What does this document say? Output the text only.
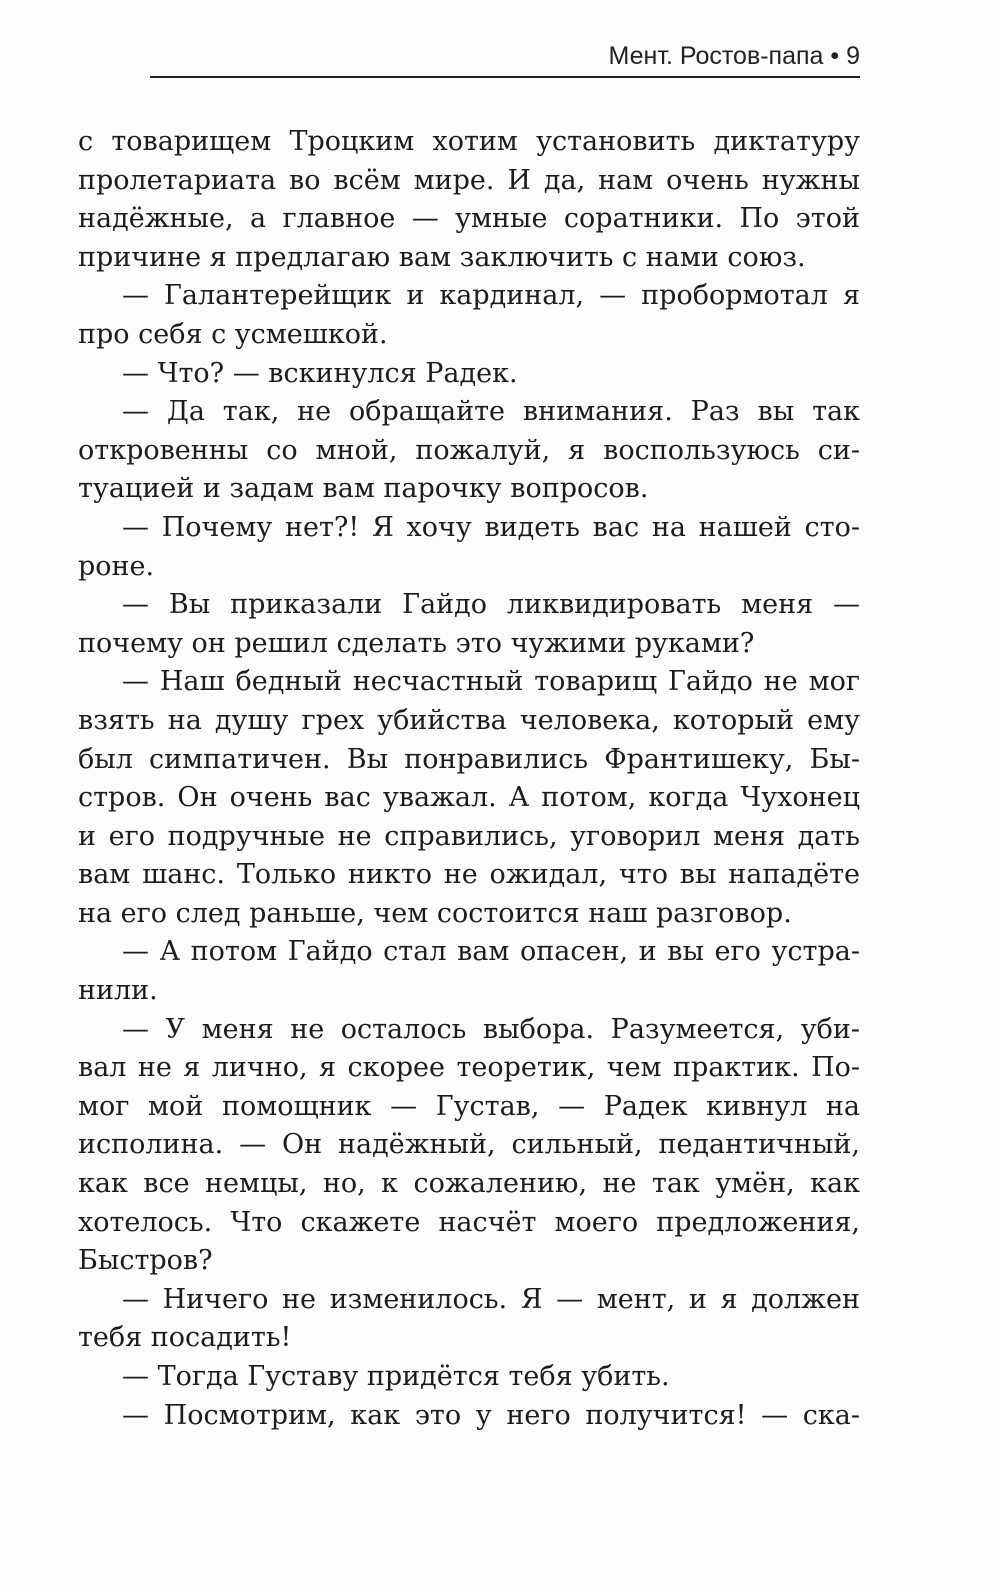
Мент. Ростов-папа • 9
с товарищем Троцким хотим установить диктатуру
пролетариата во всём мире. И да, нам очень нужны
надёжные, а главное — умные соратники. По этой
причине я предлагаю вам заключить с нами союз.
— Галантерейщик и кардинал, — пробормотал я
про себя с усмешкой.
— Что? — вскинулся Радек.
— Да так, не обращайте внимания. Раз вы так
откровенны со мной, пожалуй, я воспользуюсь си-
туацией и задам вам парочку вопросов.
— Почему нет?! Я хочу видеть вас на нашей сто-
роне.
— Вы приказали Гайдо ликвидировать меня —
почему он решил сделать это чужими руками?
— Наш бедный несчастный товарищ Гайдо не мог
взять на душу грех убийства человека, который ему
был симпатичен. Вы понравились Франтишеку, Бы-
стров. Он очень вас уважал. А потом, когда Чухонец
и его подручные не справились, уговорил меня дать
вам шанс. Только никто не ожидал, что вы нападёте
на его след раньше, чем состоится наш разговор.
— А потом Гайдо стал вам опасен, и вы его устра-
нили.
— У меня не осталось выбора. Разумеется, уби-
вал не я лично, я скорее теоретик, чем практик. По-
мог мой помощник — Густав, — Радек кивнул на
исполина. — Он надёжный, сильный, педантичный,
как все немцы, но, к сожалению, не так умён, как
хотелось. Что скажете насчёт моего предложения,
Быстров?
— Ничего не изменилось. Я — мент, и я должен
тебя посадить!
— Тогда Густаву придётся тебя убить.
— Посмотрим, как это у него получится! — ска-
